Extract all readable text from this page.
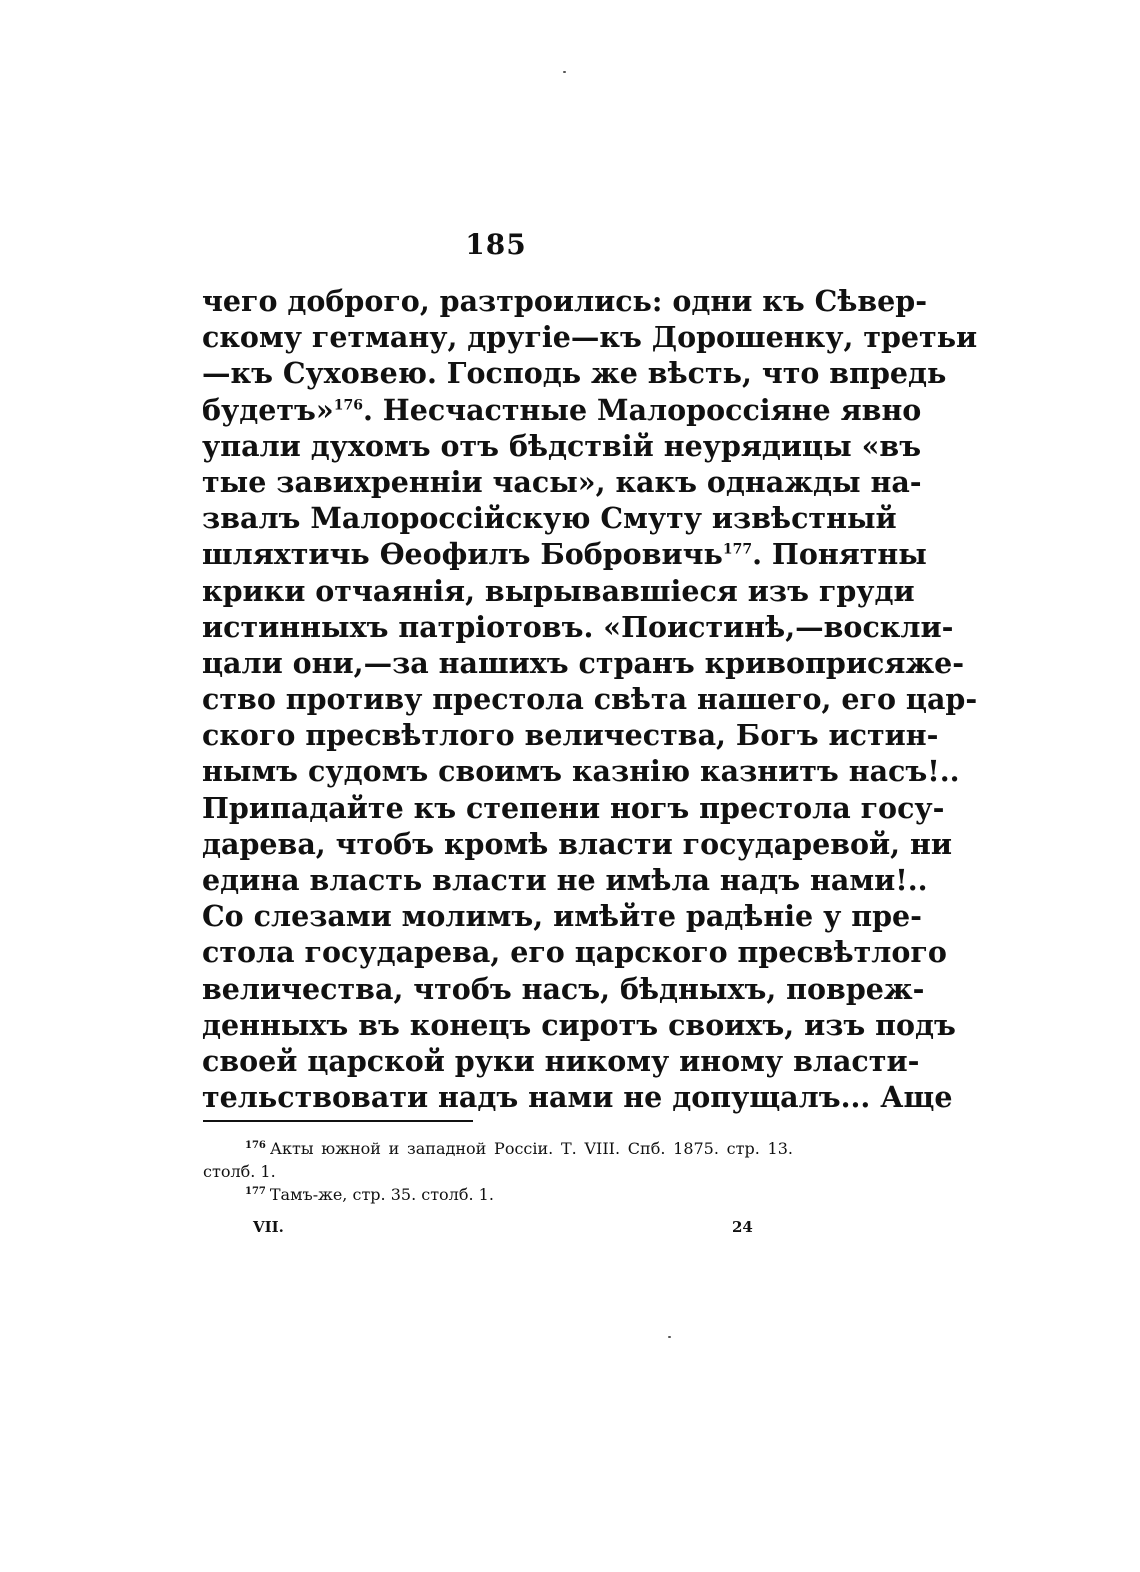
185
чего доброго, разтроились: одни къ Сѣвер-
скому гетману, другіе—къ Дорошенку, третьи
—къ Суховею. Господь же вѣсть, что впредь
будетъ»$^{176}$. Несчастные Малороссіяне явно
упали духомъ отъ бѣдствій неурядицы «въ
тые завихренніи часы», какъ однажды на-
звалъ Малороссійскую Смуту извѣстный
шляхтичь Ѳеофилъ Бобровичь$^{177}$. Понятны
крики отчаянія, вырывавшіеся изъ груди
истинныхъ патріотовъ. «Поистинѣ,—воскли-
цали они,—за нашихъ странъ кривоприсяже-
ство противу престола свѣта нашего, его цар-
ского пресвѣтлого величества, Богъ истин-
нымъ судомъ своимъ казнію казнитъ насъ!..
Припадайте къ степени ногъ престола госу-
дарева, чтобъ кромѣ власти государевой, ни
едина власть власти не имѣла надъ нами!..
Со слезами молимъ, имѣйте радѣніе у пре-
стола государева, его царского пресвѣтлого
величества, чтобъ насъ, бѣдныхъ, повреж-
денныхъ въ конецъ сиротъ своихъ, изъ подъ
своей царской руки никому иному власти-
тельствовати надъ нами не допущалъ... Аще
$^{176}$ Акты южной и западной Россіи. Т. VIII. Спб. 1875. стр. 13.
столб. 1.
$^{177}$ Тамъ-же, стр. 35. столб. 1.
VII.	24
